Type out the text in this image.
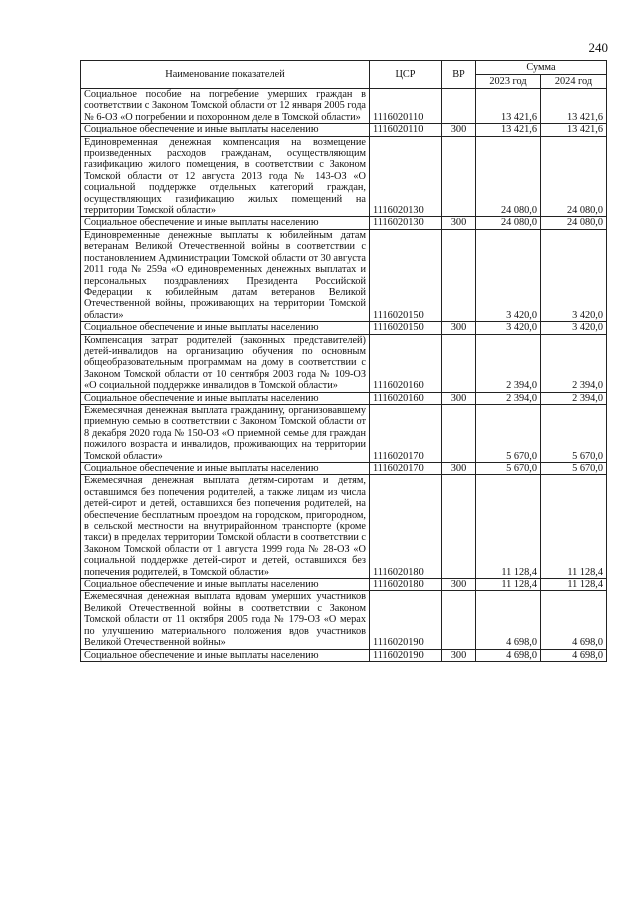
240
Наименование показателей	ЦСР	ВР	Сумма	
			2023 год	2024 год
Социальное пособие на погребение умерших граждан в соответствии с Законом Томской области от 12 января 2005 года № 6-ОЗ «О погребении и похоронном деле в Томской области»	1116020110		13 421,6	13 421,6
Социальное обеспечение и иные выплаты населению	1116020110	300	13 421,6	13 421,6
Единовременная денежная компенсация на возмещение произведенных расходов гражданам, осуществляющим газификацию жилого помещения, в соответствии с Законом Томской области от 12 августа 2013 года № 143-ОЗ «О социальной поддержке отдельных категорий граждан, осуществляющих газификацию жилых помещений на территории Томской области»	1116020130		24 080,0	24 080,0
Социальное обеспечение и иные выплаты населению	1116020130	300	24 080,0	24 080,0
Единовременные денежные выплаты к юбилейным датам ветеранам Великой Отечественной войны в соответствии с постановлением Администрации Томской области от 30 августа 2011 года № 259а «О единовременных денежных выплатах и персональных поздравлениях Президента Российской Федерации к юбилейным датам ветеранов Великой Отечественной войны, проживающих на территории Томской области»	1116020150		3 420,0	3 420,0
Социальное обеспечение и иные выплаты населению	1116020150	300	3 420,0	3 420,0
Компенсация затрат родителей (законных представителей) детей-инвалидов на организацию обучения по основным общеобразовательным программам на дому в соответствии с Законом Томской области от 10 сентября 2003 года № 109-ОЗ «О социальной поддержке инвалидов в Томской области»	1116020160		2 394,0	2 394,0
Социальное обеспечение и иные выплаты населению	1116020160	300	2 394,0	2 394,0
Ежемесячная денежная выплата гражданину, организовавшему приемную семью в соответствии с Законом Томской области от 8 декабря 2020 года № 150-ОЗ «О приемной семье для граждан пожилого возраста и инвалидов, проживающих на территории Томской области»	1116020170		5 670,0	5 670,0
Социальное обеспечение и иные выплаты населению	1116020170	300	5 670,0	5 670,0
Ежемесячная денежная выплата детям-сиротам и детям, оставшимся без попечения родителей, а также лицам из числа детей-сирот и детей, оставшихся без попечения родителей, на обеспечение бесплатным проездом на городском, пригородном, в сельской местности на внутрирайонном транспорте (кроме такси) в пределах территории Томской области в соответствии с Законом Томской области от 1 августа 1999 года № 28-ОЗ «О социальной поддержке детей-сирот и детей, оставшихся без попечения родителей, в Томской области»	1116020180		11 128,4	11 128,4
Социальное обеспечение и иные выплаты населению	1116020180	300	11 128,4	11 128,4
Ежемесячная денежная выплата вдовам умерших участников Великой Отечественной войны в соответствии с Законом Томской области от 11 октября 2005 года № 179-ОЗ «О мерах по улучшению материального положения вдов участников Великой Отечественной войны»	1116020190		4 698,0	4 698,0
Социальное обеспечение и иные выплаты населению	1116020190	300	4 698,0	4 698,0
